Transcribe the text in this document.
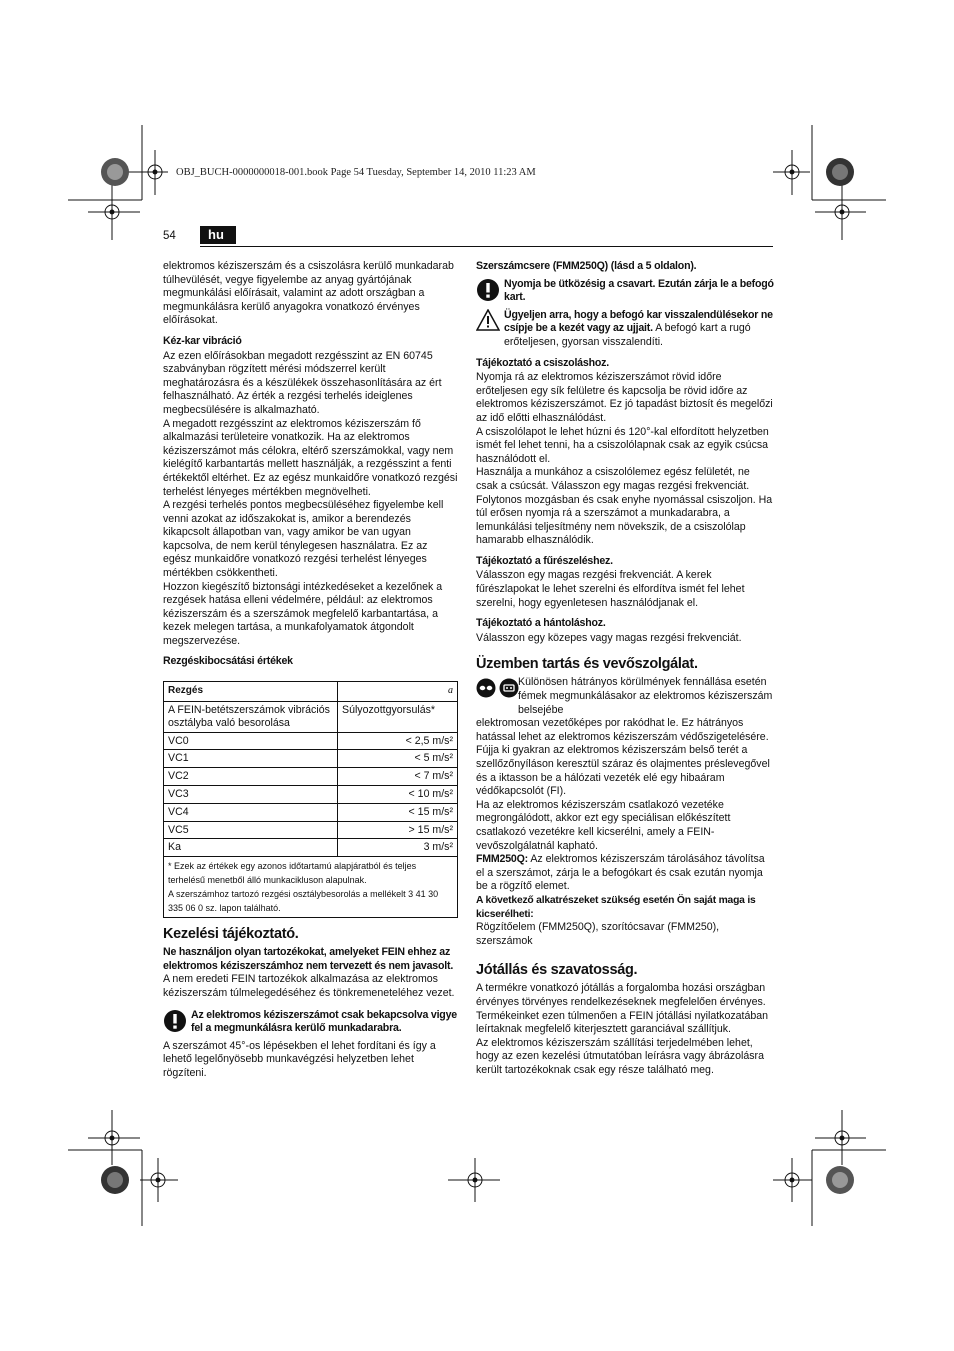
OBJ_BUCH-0000000018-001.book Page 54 Tuesday, September 14, 2010 11:23 AM
54	hu

elektromos kéziszerszám és a csiszolásra kerülő munkadarab túlhevülését, vegye figyelembe az anyag gyártójának megmunkálási előírásait, valamint az adott országban a megmunkálásra kerülő anyagokra vonatkozó érvényes előírásokat.

Kéz-kar vibráció

Az ezen előírásokban megadott rezgésszint az EN 60745 szabványban rögzített mérési módszerrel került meghatározásra és a készülékek összehasonlítására az ért felhasználható. Az érték a rezgési terhelés ideiglenes megbecsülésére is alkalmazható.

A megadott rezgésszint az elektromos kéziszerszám fő alkalmazási területeire vonatkozik. Ha az elektromos kéziszerszámot más célokra, eltérő szerszámokkal, vagy nem kielégítő karbantartás mellett használják, a rezgésszint a fenti értékektől eltérhet. Ez az egész munkaidőre vonatkozó rezgési terhelést lényeges mértékben megnövelheti.

A rezgési terhelés pontos megbecsüléséhez figyelembe kell venni azokat az időszakokat is, amikor a berendezés kikapcsolt állapotban van, vagy amikor be van ugyan kapcsolva, de nem kerül ténylegesen használatra. Ez az egész munkaidőre vonatkozó rezgési terhelést lényeges mértékben csökkentheti.

Hozzon kiegészítő biztonsági intézkedéseket a kezelőnek a rezgések hatása elleni védelmére, például: az elektromos kéziszerszám és a szerszámok megfelelő karbantartása, a kezek melegen tartása, a munkafolyamatok átgondolt megszervezése.

Rezgéskibocsátási értékek
Rezgés	a
A FEIN-betétszerszámok vibrációs osztályba való besorolása	Súlyozottgyorsulás*
VC0	< 2,5 m/s²
VC1	< 5 m/s²
VC2	< 7 m/s²
VC3	< 10 m/s²
VC4	< 15 m/s²
VC5	> 15 m/s²
Ka	3 m/s²

* Ezek az értékek egy azonos időtartamú alapjáratból és teljes terhelésű menetből álló munkacikluson alapulnak.
A szerszámhoz tartozó rezgési osztálybesorolás a mellékelt 3 41 30 335 06 0 sz. lapon található.	
Kezelési tájékoztató.

Ne használjon olyan tartozékokat, amelyeket FEIN ehhez az elektromos kéziszerszámhoz nem tervezett és nem javasolt. A nem eredeti FEIN tartozékok alkalmazása az elektromos kéziszerszám túlmelegedéséhez és tönkremeneteléhez vezet.

Az elektromos kéziszerszámot csak bekapcsolva vigye fel a megmunkálásra kerülő munkadarabra.

A szerszámot 45°-os lépésekben el lehet fordítani és így a lehető legelőnyösebb munkavégzési helyzetben lehet rögzíteni.

Szerszámcsere (FMM250Q) (lásd a 5 oldalon).
Nyomja be ütközésig a csavart. Ezután zárja le a befogó kart.
Ügyeljen arra, hogy a befogó kar visszalendülésekor ne csípje be a kezét vagy az ujjait. A befogó kart a rugó erőteljesen, gyorsan visszalendíti.
Tájékoztató a csiszoláshoz.

Nyomja rá az elektromos kéziszerszámot rövid időre erőteljesen egy sík felületre és kapcsolja be rövid időre az elektromos kéziszerszámot. Ez jó tapadást biztosít és megelőzi az idő előtti elhasználódást.

A csiszolólapot le lehet húzni és 120°-kal elfordított helyzetben ismét fel lehet tenni, ha a csiszolólapnak csak az egyik csúcsa használódott el.

Használja a munkához a csiszolólemez egész felületét, ne csak a csúcsát. Válasszon egy magas rezgési frekvenciát. Folytonos mozgásban és csak enyhe nyomással csiszoljon. Ha túl erősen nyomja rá a szerszámot a munkadarabra, a lemunkálási teljesítmény nem növekszik, de a csiszolólap hamarabb elhasználódik.

Tájékoztató a fűrészeléshez.

Válasszon egy magas rezgési frekvenciát. A kerek fűrészlapokat le lehet szerelni és elfordítva ismét fel lehet szerelni, hogy egyenletesen használódjanak el.

Tájékoztató a hántoláshoz.

Válasszon egy közepes vagy magas rezgési frekvenciát.

Üzemben tartás és vevőszolgálat.

Különösen hátrányos körülmények fennállása esetén fémek megmunkálásakor az elektromos kéziszerszám belsejébe

elektromosan vezetőképes por rakódhat le. Ez hátrányos hatással lehet az elektromos kéziszerszám védőszigetelésére. Fújja ki gyakran az elektromos kéziszerszám belső terét a szellőzőnyíláson keresztül száraz és olajmentes préslevegővel és a iktasson be a hálózati vezeték elé egy hibaáram védőkapcsolót (FI).

Ha az elektromos kéziszerszám csatlakozó vezetéke megrongálódott, akkor ezt egy speciálisan előkészített csatlakozó vezetékre kell kicserélni, amely a FEIN-vevőszolgálatnál kapható.

FMM250Q: Az elektromos kéziszerszám tárolásához távolítsa el a szerszámot, zárja le a befogókart és csak ezután nyomja be a rögzítő elemet.

A következő alkatrészeket szükség esetén Ön saját maga is kicserélheti:

Rögzítőelem (FMM250Q), szorítócsavar (FMM250), szerszámok

Jótállás és szavatosság.

A termékre vonatkozó jótállás a forgalomba hozási országban érvényes törvényes rendelkezéseknek megfelelően érvényes. Termékeinket ezen túlmenően a FEIN jótállási nyilatkozatában leírtaknak megfelelő kiterjesztett garanciával szállítjuk.

Az elektromos kéziszerszám szállítási terjedelmében lehet, hogy az ezen kezelési útmutatóban leírásra vagy ábrázolásra került tartozékoknak csak egy része található meg.
